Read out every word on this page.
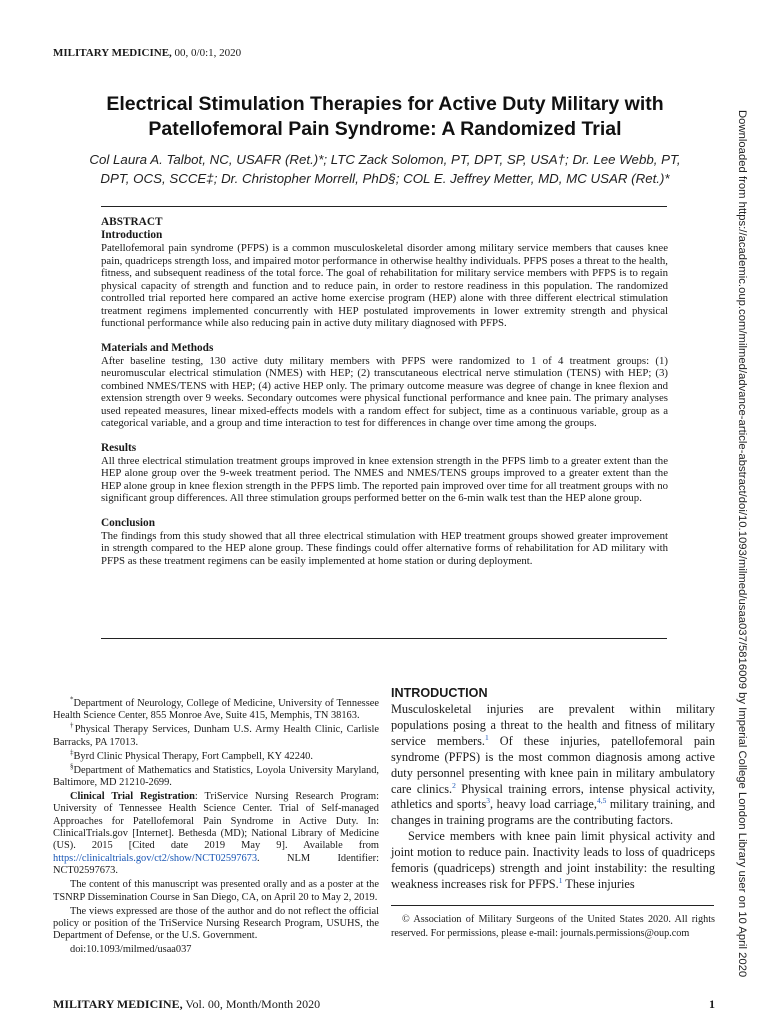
MILITARY MEDICINE, 00, 0/0:1, 2020
Electrical Stimulation Therapies for Active Duty Military with
Patellofemoral Pain Syndrome: A Randomized Trial
Col Laura A. Talbot, NC, USAFR (Ret.)*; LTC Zack Solomon, PT, DPT, SP, USA†; Dr. Lee Webb, PT,
DPT, OCS, SCCE‡; Dr. Christopher Morrell, PhD§; COL E. Jeffrey Metter, MD, MC USAR (Ret.)*
ABSTRACT
Introduction

Patellofemoral pain syndrome (PFPS) is a common musculoskeletal disorder among military service members that causes knee pain, quadriceps strength loss, and impaired motor performance in otherwise healthy individuals. PFPS poses a threat to the health, fitness, and subsequent readiness of the total force. The goal of rehabilitation for military service members with PFPS is to regain physical capacity of strength and function and to reduce pain, in order to restore readiness in this population. The randomized controlled trial reported here compared an active home exercise program (HEP) alone with three different electrical stimulation treatment regimens implemented concurrently with HEP postulated improvements in lower extremity strength and physical functional performance while also reducing pain in active duty military diagnosed with PFPS.

Materials and Methods

After baseline testing, 130 active duty military members with PFPS were randomized to 1 of 4 treatment groups: (1) neuromuscular electrical stimulation (NMES) with HEP; (2) transcutaneous electrical nerve stimulation (TENS) with HEP; (3) combined NMES/TENS with HEP; (4) active HEP only. The primary outcome measure was degree of change in knee flexion and extension strength over 9 weeks. Secondary outcomes were physical functional performance and knee pain. The primary analyses used repeated measures, linear mixed-effects models with a random effect for subject, time as a continuous variable, group as a categorical variable, and a group and time interaction to test for differences in change over time among the groups.

Results

All three electrical stimulation treatment groups improved in knee extension strength in the PFPS limb to a greater extent than the HEP alone group over the 9-week treatment period. The NMES and NMES/TENS groups improved to a greater extent than the HEP alone group in knee flexion strength in the PFPS limb. The reported pain improved over time for all treatment groups with no significant group differences. All three stimulation groups performed better on the 6-min walk test than the HEP alone group.

Conclusion

The findings from this study showed that all three electrical stimulation with HEP treatment groups showed greater improvement in strength compared to the HEP alone group. These findings could offer alternative forms of rehabilitation for AD military with PFPS as these treatment regimens can be easily implemented at home station or during deployment.

*Department of Neurology, College of Medicine, University of Tennessee Health Science Center, 855 Monroe Ave, Suite 415, Memphis, TN 38163.

†Physical Therapy Services, Dunham U.S. Army Health Clinic, Carlisle Barracks, PA 17013.

‡Byrd Clinic Physical Therapy, Fort Campbell, KY 42240.

§Department of Mathematics and Statistics, Loyola University Maryland, Baltimore, MD 21210-2699.

Clinical Trial Registration: TriService Nursing Research Program: University of Tennessee Health Science Center. Trial of Self-managed Approaches for Patellofemoral Pain Syndrome in Active Duty. In: ClinicalTrials.gov [Internet]. Bethesda (MD); National Library of Medicine (US). 2015 [Cited date 2019 May 9]. Available from https://clinicaltrials.gov/ct2/show/NCT02597673. NLM Identifier: NCT02597673.

The content of this manuscript was presented orally and as a poster at the TSNRP Dissemination Course in San Diego, CA, on April 20 to May 2, 2019.

The views expressed are those of the author and do not reflect the official policy or position of the TriService Nursing Research Program, USUHS, the Department of Defense, or the U.S. Government.

doi:10.1093/milmed/usaa037

INTRODUCTION

Musculoskeletal injuries are prevalent within military populations posing a threat to the health and fitness of military service members.$^1$ Of these injuries, patellofemoral pain syndrome (PFPS) is the most common diagnosis among active duty personnel presenting with knee pain in military ambulatory care clinics.$^2$ Physical training errors, intense physical activity, athletics and sports$^3$, heavy load carriage,$^{4,5}$ military training, and changes in training programs are the contributing factors.

Service members with knee pain limit physical activity and joint motion to reduce pain. Inactivity leads to loss of quadriceps femoris (quadriceps) strength and joint instability: the resulting weakness increases risk for PFPS.$^1$ These injuries

© Association of Military Surgeons of the United States 2020. All rights reserved. For permissions, please e-mail: journals.permissions@oup.com

MILITARY MEDICINE, Vol. 00, Month/Month 2020	1
Downloaded from https://academic.oup.com/milmed/advance-article-abstract/doi/10.1093/milmed/usaa037/5816009 by Imperial College London Library user on 10 April 2020
